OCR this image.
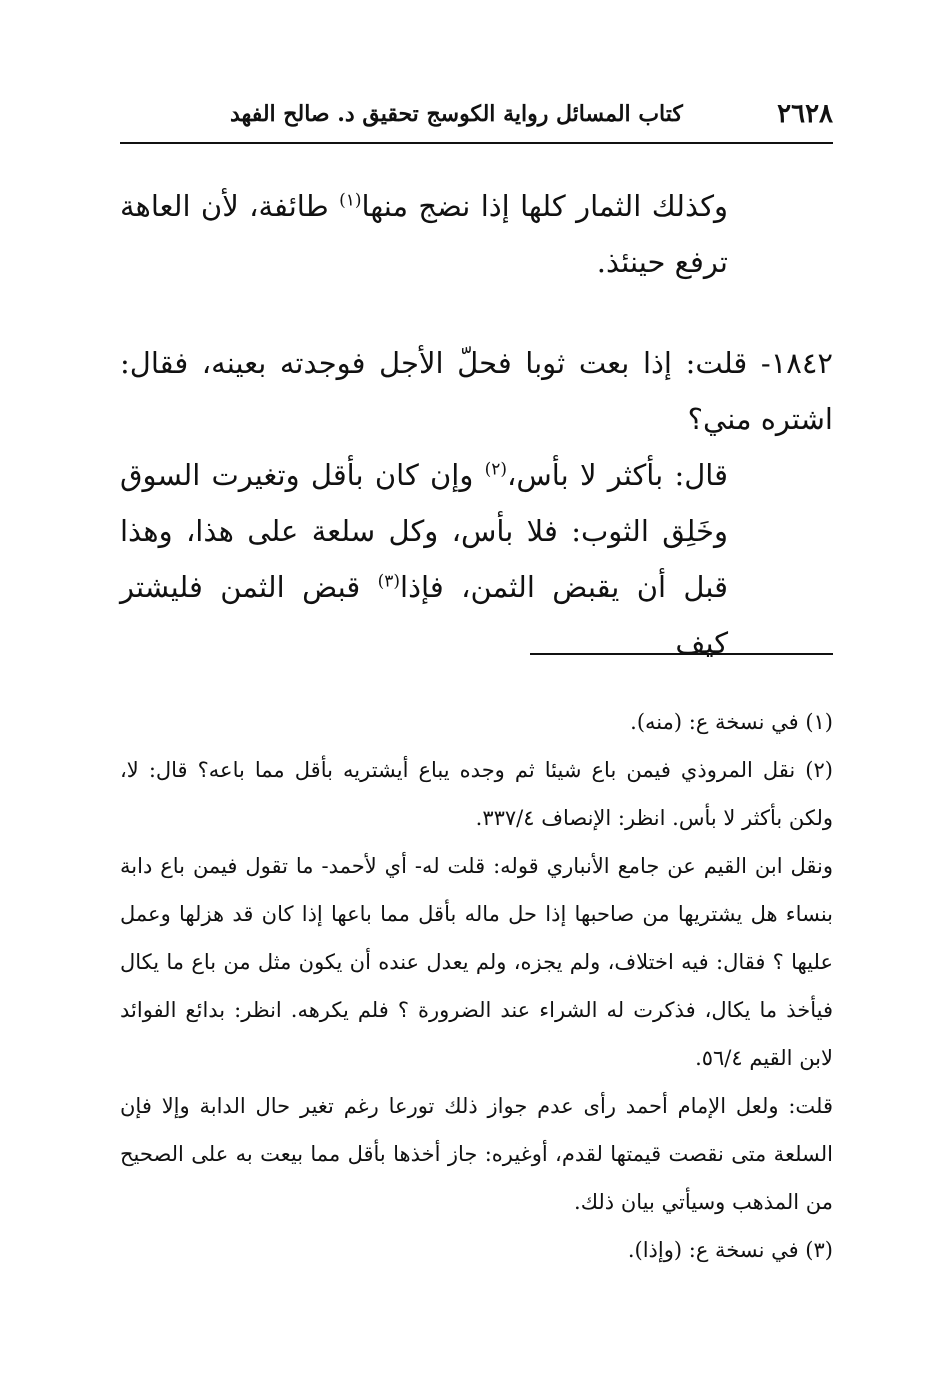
٢٦٢٨
كتاب المسائل رواية الكوسج تحقيق د. صالح الفهد
وكذلك الثمار كلها إذا نضج منها$^{(١)}$ طائفة، لأن العاهة ترفع حينئذ.
١٨٤٢- قلت: إذا بعت ثوبا فحلّ الأجل فوجدته بعينه، فقال: اشتره مني؟
قال: بأكثر لا بأس،$^{(٢)}$ وإن كان بأقل وتغيرت السوق وخَلِق الثوب: فلا بأس، وكل سلعة على هذا، وهذا قبل أن يقبض الثمن، فإذا$^{(٣)}$ قبض الثمن فليشتر كيف
(١) في نسخة ع: (منه).
(٢) نقل المروذي فيمن باع شيئا ثم وجده يباع أيشتريه بأقل مما باعه؟ قال: لا، ولكن بأكثر لا بأس. انظر: الإنصاف ٣٣٧/٤.
ونقل ابن القيم عن جامع الأنباري قوله: قلت له- أي لأحمد- ما تقول فيمن باع دابة بنساء هل يشتريها من صاحبها إذا حل ماله بأقل مما باعها إذا كان قد هزلها وعمل عليها ؟ فقال: فيه اختلاف، ولم يجزه، ولم يعدل عنده أن يكون مثل من باع ما يكال فيأخذ ما يكال، فذكرت له الشراء عند الضرورة ؟ فلم يكرهه. انظر: بدائع الفوائد لابن القيم ٥٦/٤.
قلت: ولعل الإمام أحمد رأى عدم جواز ذلك تورعا رغم تغير حال الدابة وإلا فإن السلعة متى نقصت قيمتها لقدم، أوغيره: جاز أخذها بأقل مما بيعت به على الصحيح من المذهب وسيأتي بيان ذلك.
(٣) في نسخة ع: (وإذا).
